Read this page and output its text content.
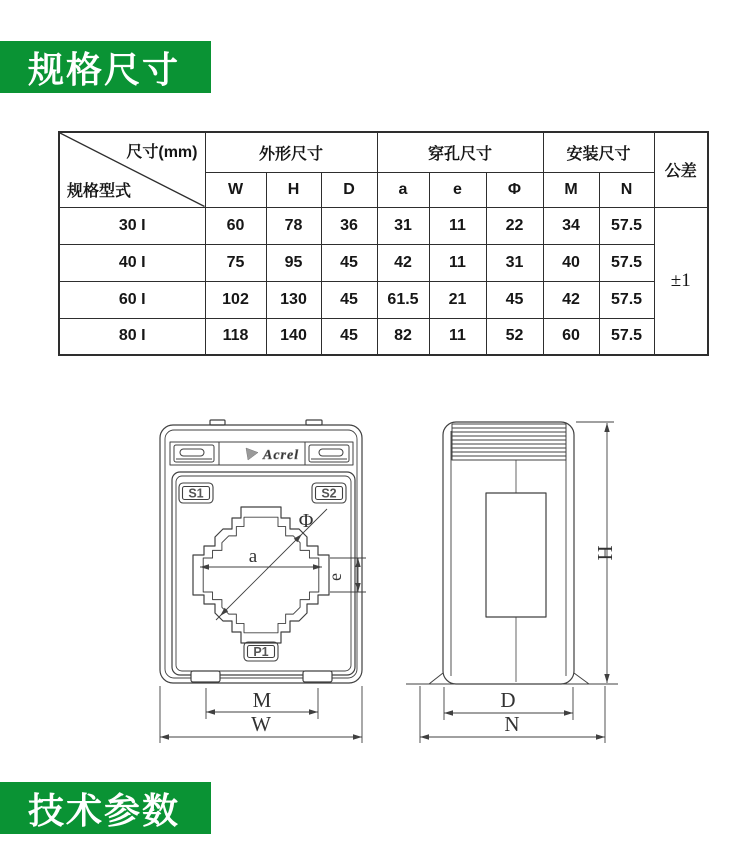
规格尺寸
尺寸(mm)
规格型式	外形尺寸			穿孔尺寸			安装尺寸		公差
	W	H	D	a	e	Φ	M	N	
30 I	60	78	36	31	11	22	34	57.5	±1
40 I	75	95	45	42	11	31	40	57.5	
60 I	102	130	45	61.5	21	45	42	57.5	
80 I	118	140	45	82	11	52	60	57.5	
Acrel
S1	S2
P1
a
e
Φ
M
W
H
D
N
技术参数
